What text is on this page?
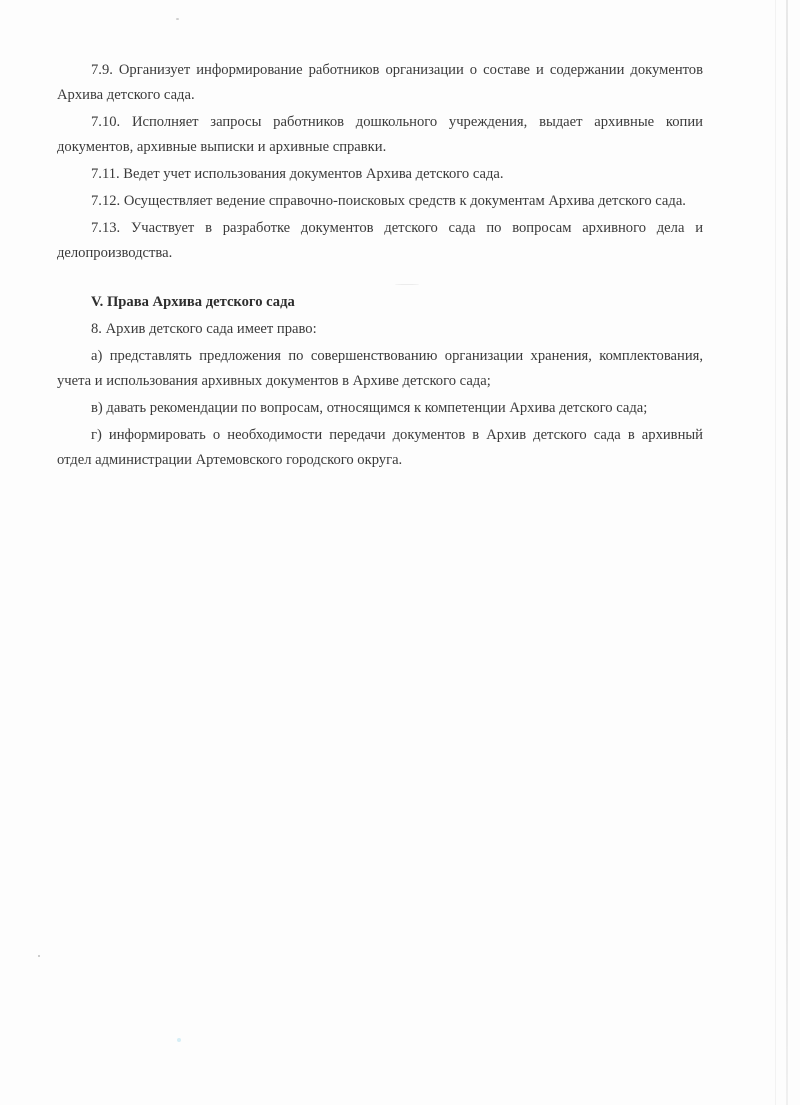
7.9. Организует информирование работников организации о составе и содержании документов Архива детского сада.

7.10. Исполняет запросы работников дошкольного учреждения, выдает архивные копии документов, архивные выписки и архивные справки.

7.11. Ведет учет использования документов Архива детского сада.

7.12. Осуществляет ведение справочно-поисковых средств к документам Архива детского сада.

7.13. Участвует в разработке документов детского сада по вопросам архивного дела и делопроизводства.

V. Права Архива детского сада

8. Архив детского сада имеет право:

а) представлять предложения по совершенствованию организации хранения, комплектования, учета и использования архивных документов в Архиве детского сада;

в) давать рекомендации по вопросам, относящимся к компетенции Архива детского сада;

г) информировать о необходимости передачи документов в Архив детского сада в архивный отдел администрации Артемовского городского округа.
